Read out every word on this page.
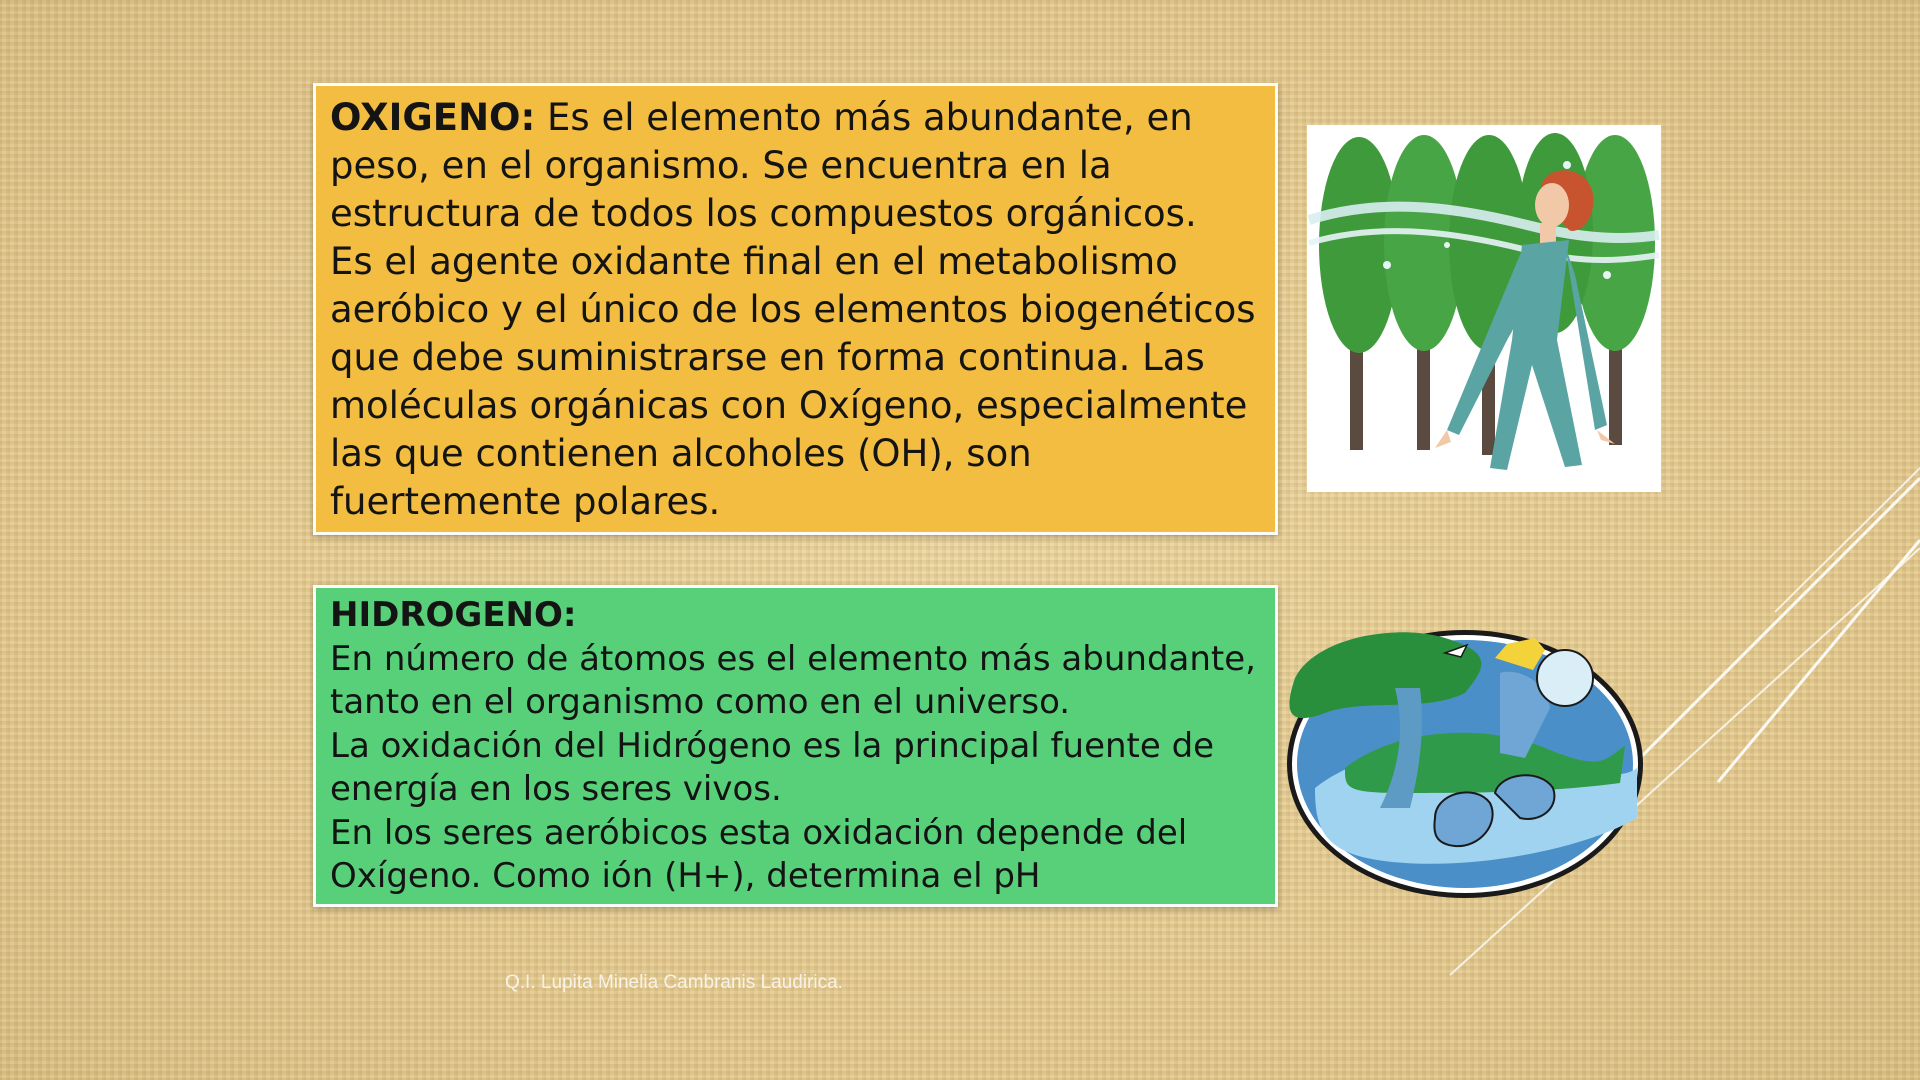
OXIGENO: Es el elemento más abundante, en peso, en el organismo. Se encuentra en la estructura de todos los compuestos orgánicos.

Es el agente oxidante final en el metabolismo aeróbico y el único de los elementos biogenéticos que debe suministrarse en forma continua. Las moléculas orgánicas con Oxígeno, especialmente las que contienen alcoholes (OH), son fuertemente polares.

HIDROGENO:

En número de átomos es el elemento más abundante, tanto en el organismo como en el universo.

La oxidación del Hidrógeno es la principal fuente de energía en los seres vivos.

En los seres aeróbicos esta oxidación depende del Oxígeno. Como ión (H+), determina el pH

Q.I. Lupita Minelia Cambranis Laudirica.
